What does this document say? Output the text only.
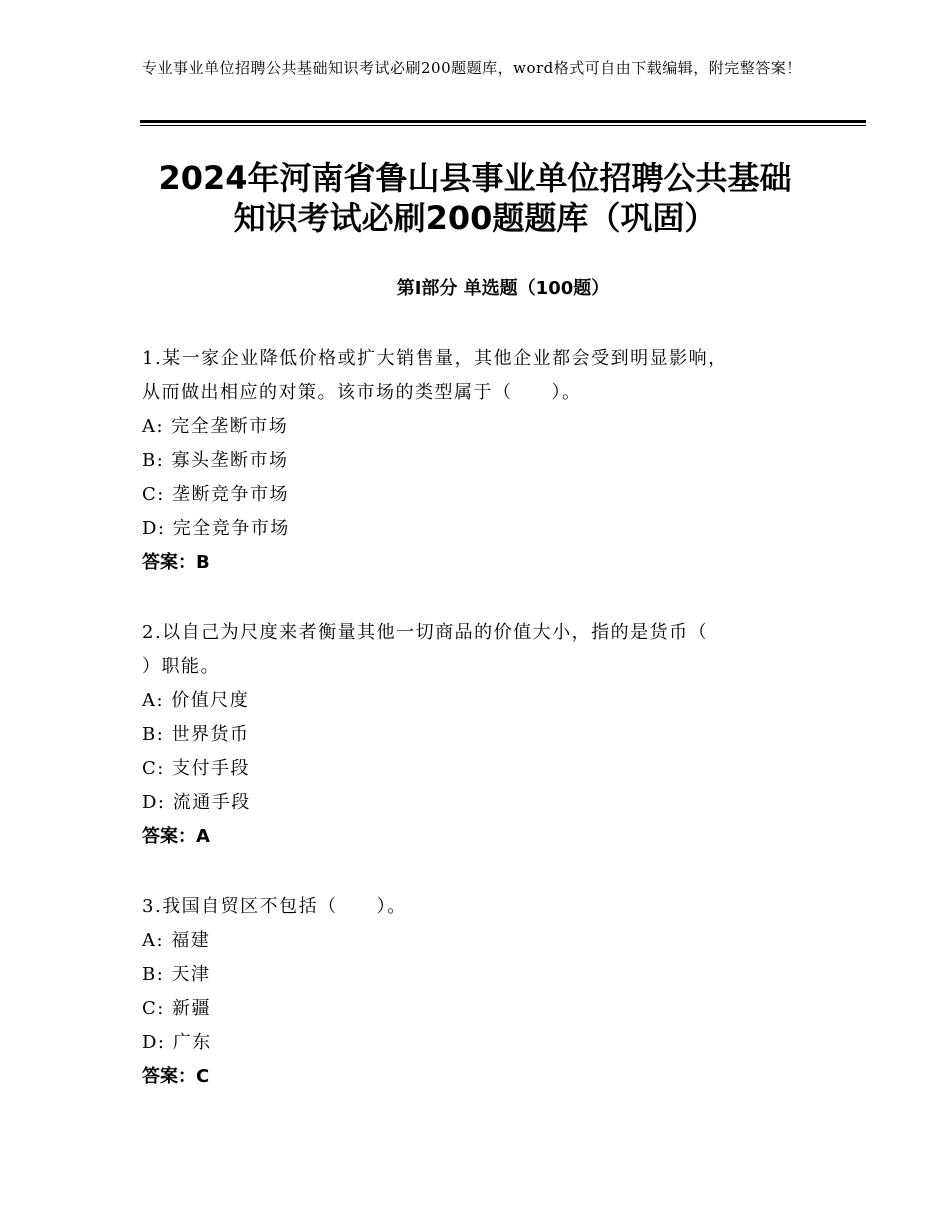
专业事业单位招聘公共基础知识考试必刷200题题库，word格式可自由下载编辑，附完整答案！
2024年河南省鲁山县事业单位招聘公共基础
知识考试必刷200题题库（巩固）
第Ⅰ部分 单选题（100题）
1.某一家企业降低价格或扩大销售量，其他企业都会受到明显影响，
从而做出相应的对策。该市场的类型属于（　　）。
A: 完全垄断市场
B: 寡头垄断市场
C: 垄断竞争市场
D: 完全竞争市场
答案：B
2.以自己为尺度来者衡量其他一切商品的价值大小，指的是货币（
）职能。
A: 价值尺度
B: 世界货币
C: 支付手段
D: 流通手段
答案：A
3.我国自贸区不包括（　　）。
A: 福建
B: 天津
C: 新疆
D: 广东
答案：C
